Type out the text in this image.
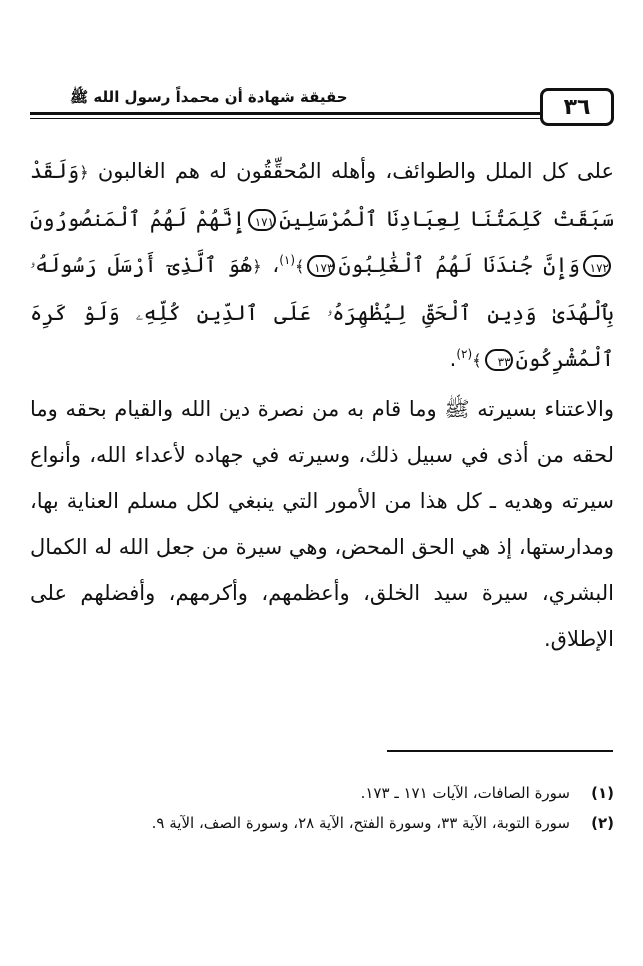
٣٦
حقيقة شهادة أن محمداً رسول الله ﷺ

على كل الملل والطوائف، وأهله المُحقِّقُون له هم الغالبون ﴿وَلَقَدْ سَبَقَتْ كَلِمَتُنَا لِعِبَادِنَا ٱلْمُرْسَلِينَ١٧١إِنَّهُمْ لَهُمُ ٱلْمَنصُورُونَ١٧٢وَإِنَّ جُندَنَا لَهُمُ ٱلْغَٰلِبُونَ١٧٣﴾$^{(١)}$، ﴿هُوَ ٱلَّذِىٓ أَرْسَلَ رَسُولَهُۥ بِٱلْهُدَىٰ وَدِينِ ٱلْحَقِّ لِيُظْهِرَهُۥ عَلَى ٱلدِّينِ كُلِّهِۦ وَلَوْ كَرِهَ ٱلْمُشْرِكُونَ٣٣﴾$^{(٢)}$.

والاعتناء بسيرته ﷺ وما قام به من نصرة دين الله والقيام بحقه وما لحقه من أذى في سبيل ذلك، وسيرته في جهاده لأعداء الله، وأنواع سيرته وهديه ـ كل هذا من الأمور التي ينبغي لكل مسلم العناية بها، ومدارستها، إذ هي الحق المحض، وهي سيرة من جعل الله له الكمال البشري، سيرة سيد الخلق، وأعظمهم، وأكرمهم، وأفضلهم على الإطلاق.

(١)
سورة الصافات، الآيات ١٧١ ـ ١٧٣.
(٢)
سورة التوبة، الآية ٣٣، وسورة الفتح، الآية ٢٨، وسورة الصف، الآية ٩.
